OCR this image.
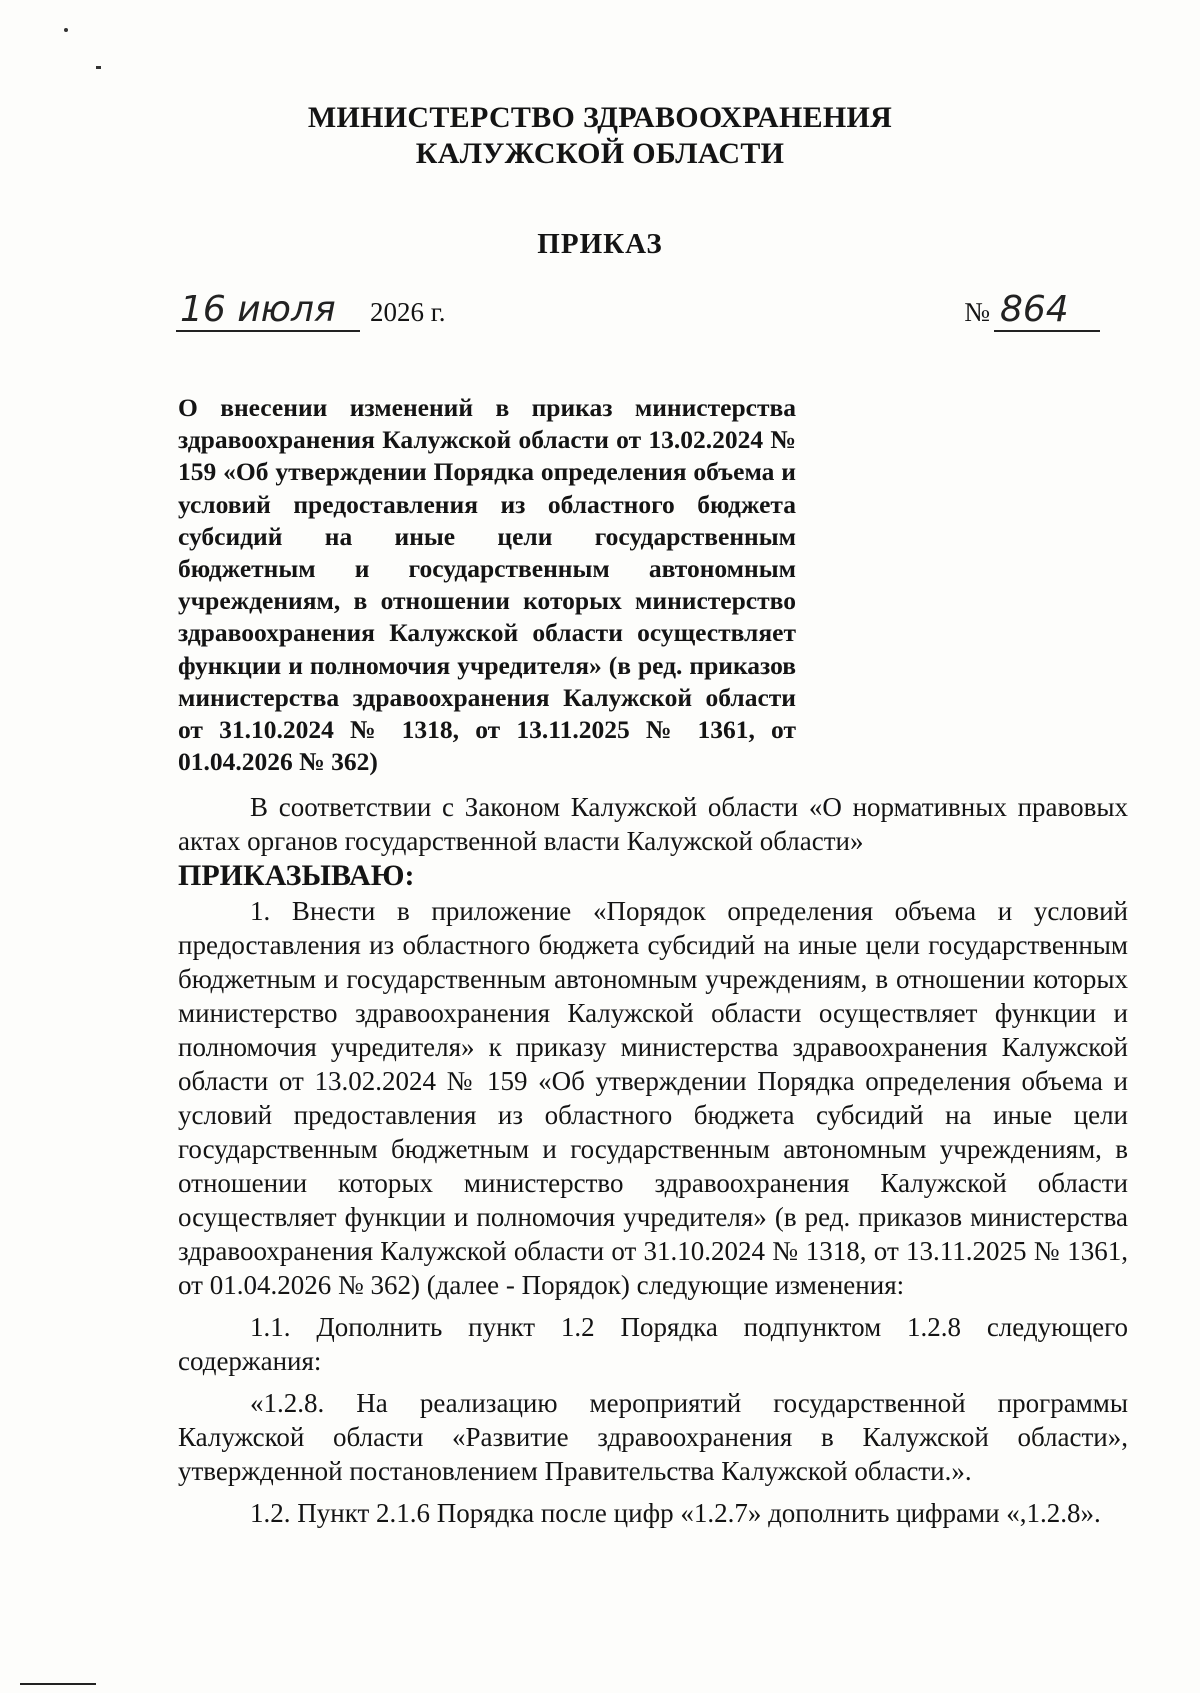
МИНИСТЕРСТВО ЗДРАВООХРАНЕНИЯ
КАЛУЖСКОЙ ОБЛАСТИ
ПРИКАЗ
16 июля	2026 г.	№ 864
О внесении изменений в приказ министерства здравоохранения Калужской области от 13.02.2024 № 159 «Об утверждении Порядка определения объема и условий предоставления из областного бюджета субсидий на иные цели государственным бюджетным и государственным автономным учреждениям, в отношении которых министерство здравоохранения Калужской области осуществляет функции и полномочия учредителя» (в ред. приказов министерства здравоохранения Калужской области от 31.10.2024 № 1318, от 13.11.2025 № 1361, от 01.04.2026 № 362)

В соответствии с Законом Калужской области «О нормативных правовых актах органов государственной власти Калужской области»

ПРИКАЗЫВАЮ:

1. Внести в приложение «Порядок определения объема и условий предоставления из областного бюджета субсидий на иные цели государственным бюджетным и государственным автономным учреждениям, в отношении которых министерство здравоохранения Калужской области осуществляет функции и полномочия учредителя» к приказу министерства здравоохранения Калужской области от 13.02.2024 № 159 «Об утверждении Порядка определения объема и условий предоставления из областного бюджета субсидий на иные цели государственным бюджетным и государственным автономным учреждениям, в отношении которых министерство здравоохранения Калужской области осуществляет функции и полномочия учредителя» (в ред. приказов министерства здравоохранения Калужской области от 31.10.2024 № 1318, от 13.11.2025 № 1361, от 01.04.2026 № 362) (далее - Порядок) следующие изменения:

1.1. Дополнить пункт 1.2 Порядка подпунктом 1.2.8 следующего содержания:

«1.2.8. На реализацию мероприятий государственной программы Калужской области «Развитие здравоохранения в Калужской области», утвержденной постановлением Правительства Калужской области.».

1.2. Пункт 2.1.6 Порядка после цифр «1.2.7» дополнить цифрами «,1.2.8».
